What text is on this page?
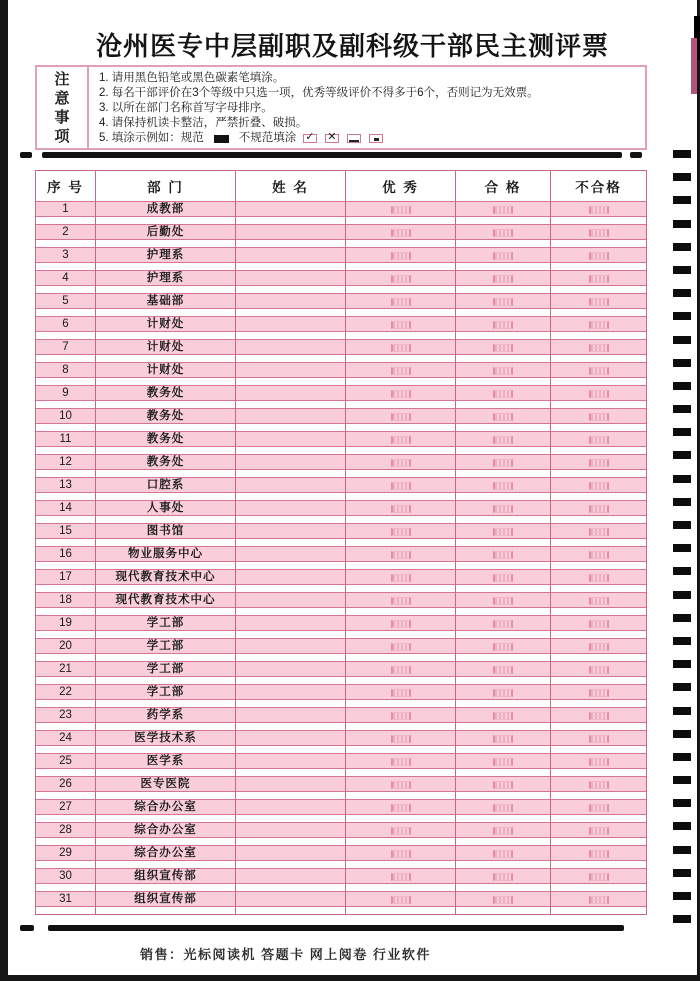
沧州医专中层副职及副科级干部民主测评票
注意事项
1. 请用黑色铅笔或黑色碳素笔填涂。
2. 每名干部评价在3个等级中只选一项，优秀等级评价不得多于6个，否则记为无效票。
3. 以所在部门名称首写字母排序。
4. 请保持机读卡整洁，严禁折叠、破损。
5. 填涂示例如：规范	不规范填涂 ✓ ✕
序 号	部 门	姓 名	优 秀	合 格	不合格
1	成教部
2	后勤处
3	护理系
4	护理系
5	基础部
6	计财处
7	计财处
8	计财处
9	教务处
10	教务处
11	教务处
12	教务处
13	口腔系
14	人事处
15	图书馆
16	物业服务中心
17	现代教育技术中心
18	现代教育技术中心
19	学工部
20	学工部
21	学工部
22	学工部
23	药学系
24	医学技术系
25	医学系
26	医专医院
27	综合办公室
28	综合办公室
29	综合办公室
30	组织宣传部
31	组织宣传部
销售：光标阅读机 答题卡 网上阅卷 行业软件
